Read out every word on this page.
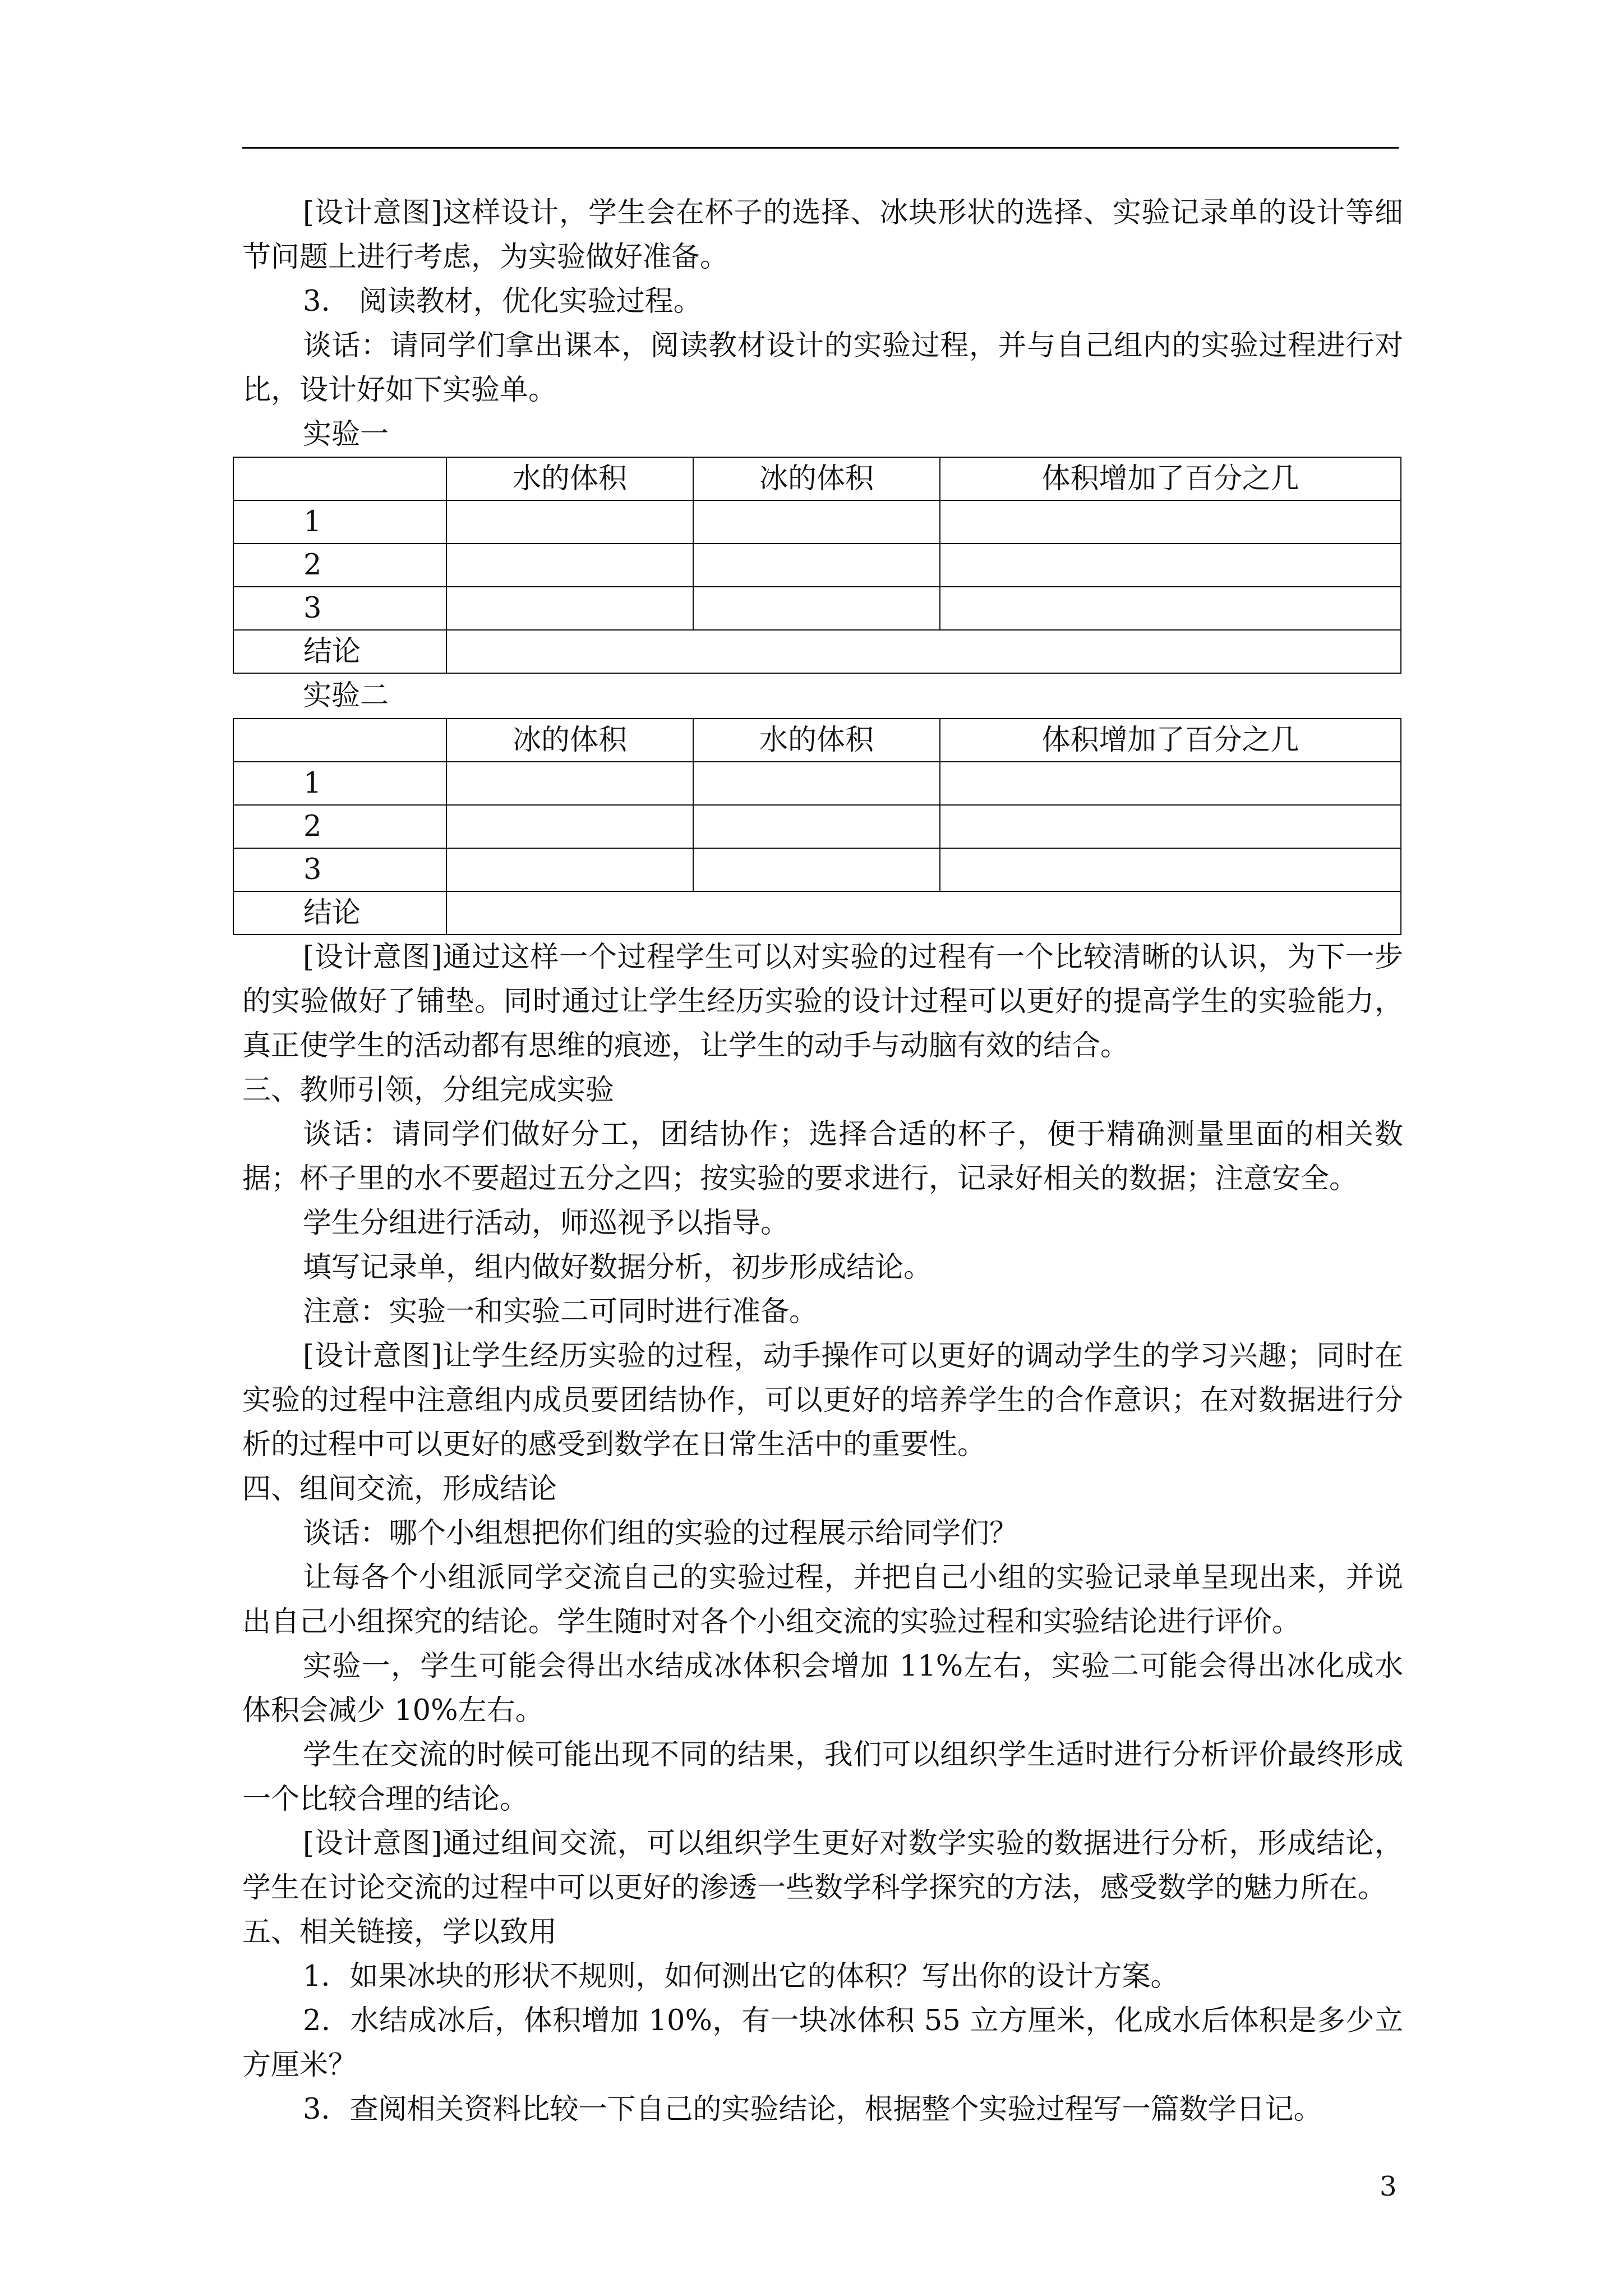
[设计意图]这样设计，学生会在杯子的选择、冰块形状的选择、实验记录单的设计等细节问题上进行考虑，为实验做好准备。

3.　阅读教材，优化实验过程。

谈话：请同学们拿出课本，阅读教材设计的实验过程，并与自己组内的实验过程进行对比，设计好如下实验单。

实验一

	水的体积	冰的体积	体积增加了百分之几
1			
2			
3			
结论			

实验二

	冰的体积	水的体积	体积增加了百分之几
1			
2			
3			
结论			

[设计意图]通过这样一个过程学生可以对实验的过程有一个比较清晰的认识，为下一步的实验做好了铺垫。同时通过让学生经历实验的设计过程可以更好的提高学生的实验能力，真正使学生的活动都有思维的痕迹，让学生的动手与动脑有效的结合。

三、教师引领，分组完成实验

谈话：请同学们做好分工，团结协作；选择合适的杯子，便于精确测量里面的相关数据；杯子里的水不要超过五分之四；按实验的要求进行，记录好相关的数据；注意安全。

学生分组进行活动，师巡视予以指导。

填写记录单，组内做好数据分析，初步形成结论。

注意：实验一和实验二可同时进行准备。

[设计意图]让学生经历实验的过程，动手操作可以更好的调动学生的学习兴趣；同时在实验的过程中注意组内成员要团结协作，可以更好的培养学生的合作意识；在对数据进行分析的过程中可以更好的感受到数学在日常生活中的重要性。

四、组间交流，形成结论

谈话：哪个小组想把你们组的实验的过程展示给同学们？

让每各个小组派同学交流自己的实验过程，并把自己小组的实验记录单呈现出来，并说出自己小组探究的结论。学生随时对各个小组交流的实验过程和实验结论进行评价。

实验一，学生可能会得出水结成冰体积会增加 11%左右，实验二可能会得出冰化成水体积会减少 10%左右。

学生在交流的时候可能出现不同的结果，我们可以组织学生适时进行分析评价最终形成一个比较合理的结论。

[设计意图]通过组间交流，可以组织学生更好对数学实验的数据进行分析，形成结论，学生在讨论交流的过程中可以更好的渗透一些数学科学探究的方法，感受数学的魅力所在。

五、相关链接，学以致用

1．如果冰块的形状不规则，如何测出它的体积？写出你的设计方案。

2．水结成冰后，体积增加 10%，有一块冰体积 55 立方厘米，化成水后体积是多少立方厘米？

3．查阅相关资料比较一下自己的实验结论，根据整个实验过程写一篇数学日记。

3
